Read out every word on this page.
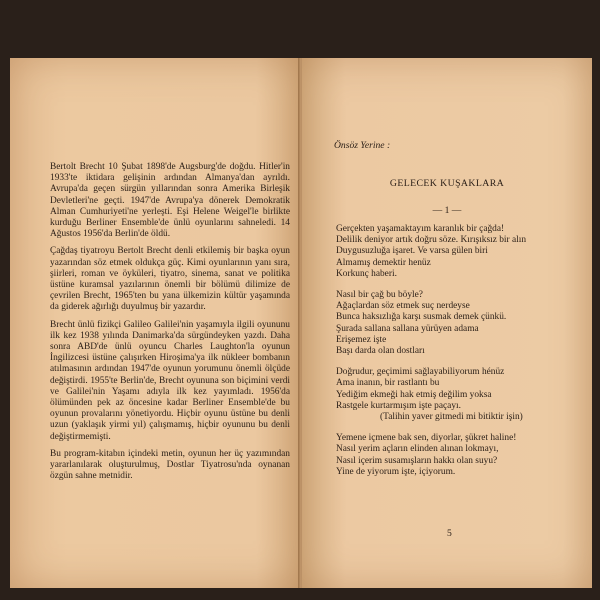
Bertolt Brecht 10 Şubat 1898'de Augsburg'de doğdu. Hitler'in 1933'te iktidara gelişinin ardından Almanya'dan ayrıldı. Avrupa'da geçen sürgün yıllarından sonra Amerika Birleşik Devletleri'ne geçti. 1947'de Avrupa'ya dönerek Demokratik Alman Cumhuriyeti'ne yerleşti. Eşi Helene Weigel'le birlikte kurduğu Berliner Ensemble'de ünlü oyunlarını sahneledi. 14 Ağustos 1956'da Berlin'de öldü.

Çağdaş tiyatroyu Bertolt Brecht denli etkilemiş bir başka oyun yazarından söz etmek oldukça güç. Kimi oyunlarının yanı sıra, şiirleri, roman ve öyküleri, tiyatro, sinema, sanat ve politika üstüne kuramsal yazılarının önemli bir bölümü dilimize de çevrilen Brecht, 1965'ten bu yana ülkemizin kültür yaşamında da giderek ağırlığı duyulmuş bir yazardır.

Brecht ünlü fizikçi Galileo Galilei'nin yaşamıyla ilgili oyununu ilk kez 1938 yılında Danimarka'da sürgündeyken yazdı. Daha sonra ABD'de ünlü oyuncu Charles Laughton'la oyunun İngilizcesi üstüne çalışırken Hiroşima'ya ilk nükleer bombanın atılmasının ardından 1947'de oyunun yorumunu önemli ölçüde değiştirdi. 1955'te Berlin'de, Brecht oyununa son biçimini verdi ve Galilei'nin Yaşamı adıyla ilk kez yayımladı. 1956'da ölümünden pek az öncesine kadar Berliner Ensemble'de bu oyunun provalarını yönetiyordu. Hiçbir oyunu üstüne bu denli uzun (yaklaşık yirmi yıl) çalışmamış, hiçbir oyununu bu denli değiştirmemişti.

Bu program-kitabın içindeki metin, oyunun her üç yazımından yararlanılarak oluşturulmuş, Dostlar Tiyatrosu'nda oynanan özgün sahne metnidir.

Önsöz Yerine :
GELECEK KUŞAKLARA
— 1 —
Gerçekten yaşamaktayım karanlık bir çağda!
Delilik deniyor artık doğru söze. Kırışıksız bir alın
Duygusuzluğa işaret. Ve varsa gülen biri
Almamış demektir henüz
Korkunç haberi.
Nasıl bir çağ bu böyle?
Ağaçlardan söz etmek suç nerdeyse
Bunca haksızlığa karşı susmak demek çünkü.
Şurada sallana sallana yürüyen adama
Erişemez işte
Başı darda olan dostları
Doğrudur, geçimimi sağlayabiliyorum hénüz
Ama inanın, bir rastlantı bu
Yediğim ekmeği hak etmiş değilim yoksa
Rastgele kurtarmışım işte paçayı.
(Talihin yaver gitmedi mi bitiktir işin)
Yemene içmene bak sen, diyorlar, şükret haline!
Nasıl yerim açların elinden alınan lokmayı,
Nasıl içerim susamışların hakkı olan suyu?
Yine de yiyorum işte, içiyorum.
5
